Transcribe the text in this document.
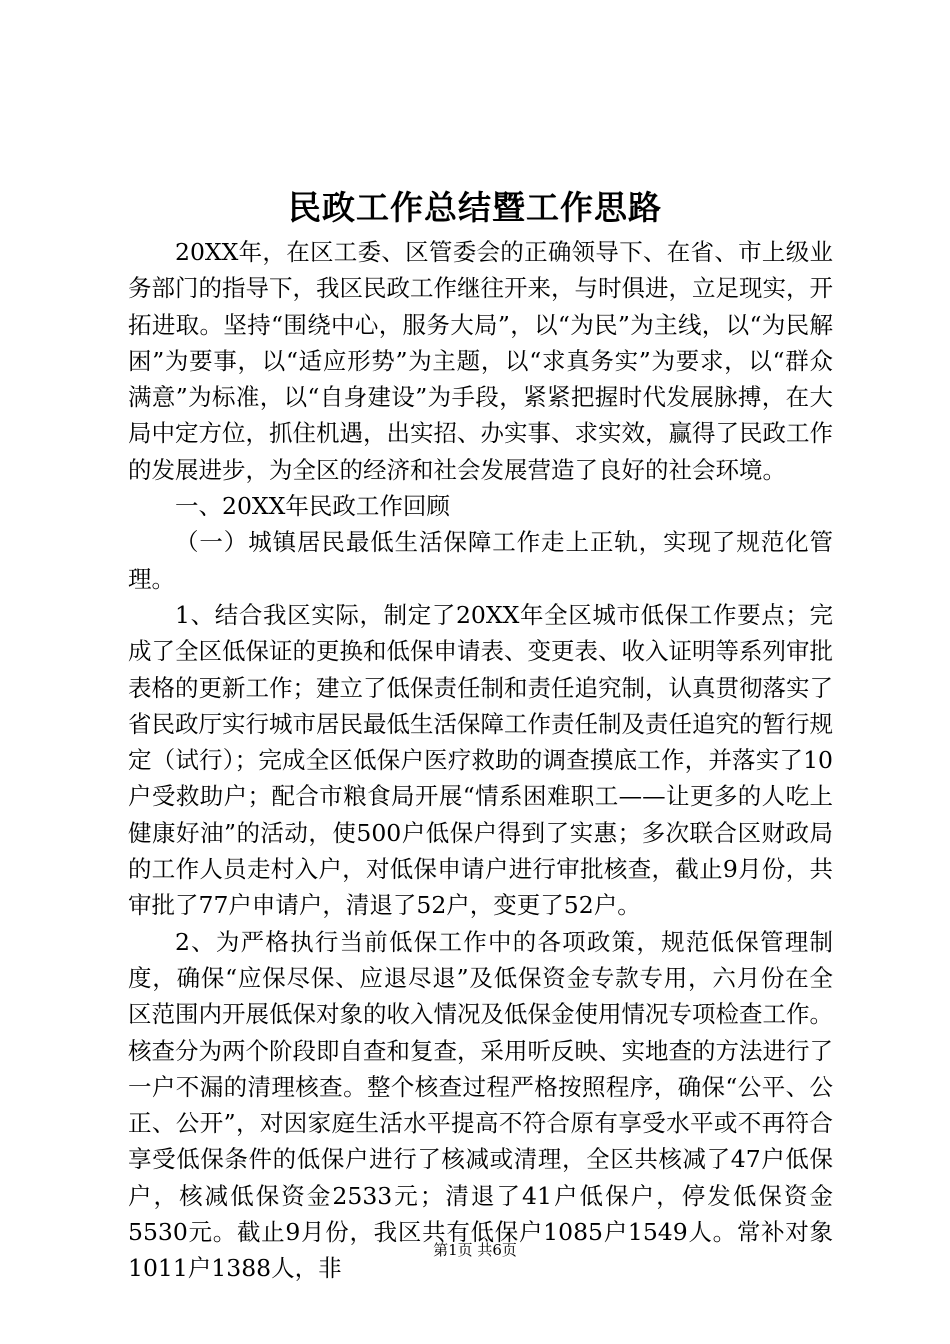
民政工作总结暨工作思路

20XX年，在区工委、区管委会的正确领导下、在省、市上级业务部门的指导下，我区民政工作继往开来，与时俱进，立足现实，开拓进取。坚持“围绕中心，服务大局”，以“为民”为主线，以“为民解困”为要事，以“适应形势”为主题，以“求真务实”为要求，以“群众满意”为标准，以“自身建设”为手段，紧紧把握时代发展脉搏，在大局中定方位，抓住机遇，出实招、办实事、求实效，赢得了民政工作的发展进步，为全区的经济和社会发展营造了良好的社会环境。

一、20XX年民政工作回顾

（一）城镇居民最低生活保障工作走上正轨，实现了规范化管理。

1、结合我区实际，制定了20XX年全区城市低保工作要点；完成了全区低保证的更换和低保申请表、变更表、收入证明等系列审批表格的更新工作；建立了低保责任制和责任追究制，认真贯彻落实了省民政厅实行城市居民最低生活保障工作责任制及责任追究的暂行规定（试行）；完成全区低保户医疗救助的调查摸底工作，并落实了10户受救助户；配合市粮食局开展“情系困难职工——让更多的人吃上健康好油”的活动，使500户低保户得到了实惠；多次联合区财政局的工作人员走村入户，对低保申请户进行审批核查，截止9月份，共审批了77户申请户，清退了52户，变更了52户。

2、为严格执行当前低保工作中的各项政策，规范低保管理制度，确保“应保尽保、应退尽退”及低保资金专款专用，六月份在全区范围内开展低保对象的收入情况及低保金使用情况专项检查工作。核查分为两个阶段即自查和复查，采用听反映、实地查的方法进行了一户不漏的清理核查。整个核查过程严格按照程序，确保“公平、公正、公开”，对因家庭生活水平提高不符合原有享受水平或不再符合享受低保条件的低保户进行了核减或清理，全区共核减了47户低保户，核减低保资金2533元；清退了41户低保户，停发低保资金5530元。截止9月份，我区共有低保户1085户1549人。常补对象1011户1388人，非

第1页 共6页
